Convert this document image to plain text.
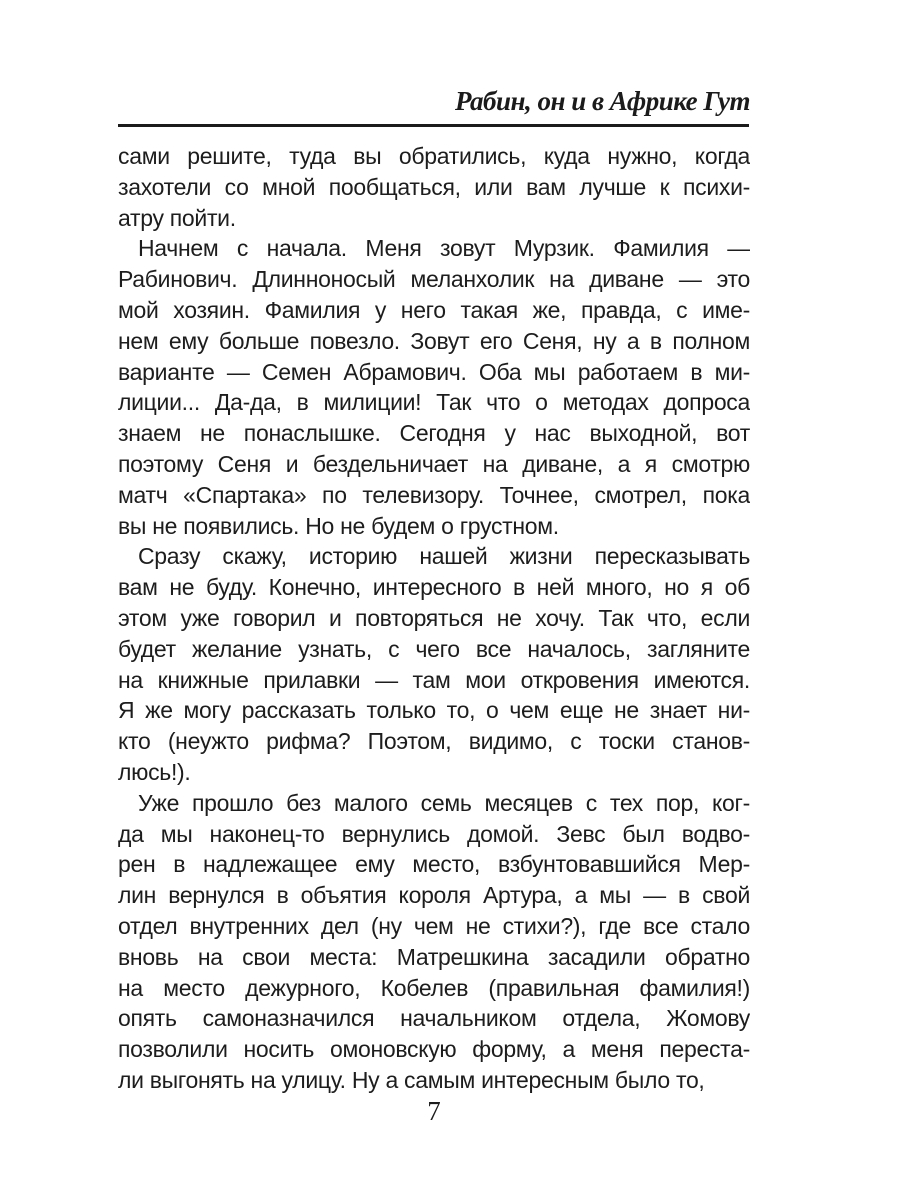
Рабин, он и в Африке Гут
сами решите, туда вы обратились, куда нужно, когда
захотели со мной пообщаться, или вам лучше к психи-
атру пойти.
Начнем с начала. Меня зовут Мурзик. Фамилия —
Рабинович. Длинноносый меланхолик на диване — это
мой хозяин. Фамилия у него такая же, правда, с име-
нем ему больше повезло. Зовут его Сеня, ну а в полном
варианте — Семен Абрамович. Оба мы работаем в ми-
лиции... Да-да, в милиции! Так что о методах допроса
знаем не понаслышке. Сегодня у нас выходной, вот
поэтому Сеня и бездельничает на диване, а я смотрю
матч «Спартака» по телевизору. Точнее, смотрел, пока
вы не появились. Но не будем о грустном.
Сразу скажу, историю нашей жизни пересказывать
вам не буду. Конечно, интересного в ней много, но я об
этом уже говорил и повторяться не хочу. Так что, если
будет желание узнать, с чего все началось, загляните
на книжные прилавки — там мои откровения имеются.
Я же могу рассказать только то, о чем еще не знает ни-
кто (неужто рифма? Поэтом, видимо, с тоски станов-
люсь!).
Уже прошло без малого семь месяцев с тех пор, ког-
да мы наконец-то вернулись домой. Зевс был водво-
рен в надлежащее ему место, взбунтовавшийся Мер-
лин вернулся в объятия короля Артура, а мы — в свой
отдел внутренних дел (ну чем не стихи?), где все стало
вновь на свои места: Матрешкина засадили обратно
на место дежурного, Кобелев (правильная фамилия!)
опять самоназначился начальником отдела, Жомову
позволили носить омоновскую форму, а меня переста-
ли выгонять на улицу. Ну а самым интересным было то,
7
